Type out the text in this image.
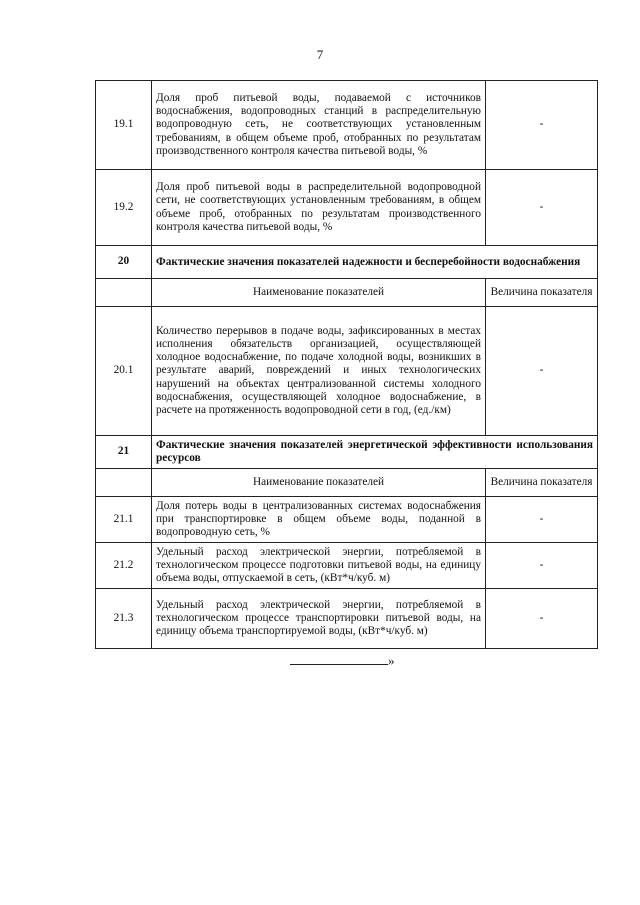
7
19.1	Доля проб питьевой воды, подаваемой с источников водоснабжения, водопроводных станций в распределительную водопроводную сеть, не соответствующих установленным требованиям, в общем объеме проб, отобранных по результатам производственного контроля качества питьевой воды, %	-
19.2	Доля проб питьевой воды в распределительной водопроводной сети, не соответствующих установленным требованиям, в общем объеме проб, отобранных по результатам производственного контроля качества питьевой воды, %	-
20	Фактические значения показателей надежности и бесперебойности водоснабжения	
	Наименование показателей	Величина показателя
20.1	Количество перерывов в подаче воды, зафиксированных в местах исполнения обязательств организацией, осуществляющей холодное водоснабжение, по подаче холодной воды, возникших в результате аварий, повреждений и иных технологических нарушений на объектах централизованной системы холодного водоснабжения, осуществляющей холодное водоснабжение, в расчете на протяженность водопроводной сети в год, (ед./км)	-
21	Фактические значения показателей энергетической эффективности использования ресурсов	
	Наименование показателей	Величина показателя
21.1	Доля потерь воды в централизованных системах водоснабжения при транспортировке в общем объеме воды, поданной в водопроводную сеть, %	-
21.2	Удельный расход электрической энергии, потребляемой в технологическом процессе подготовки питьевой воды, на единицу объема воды, отпускаемой в сеть, (кВт*ч/куб. м)	-
21.3	Удельный расход электрической энергии, потребляемой в технологическом процессе транспортировки питьевой воды, на единицу объема транспортируемой воды, (кВт*ч/куб. м)	-
»
